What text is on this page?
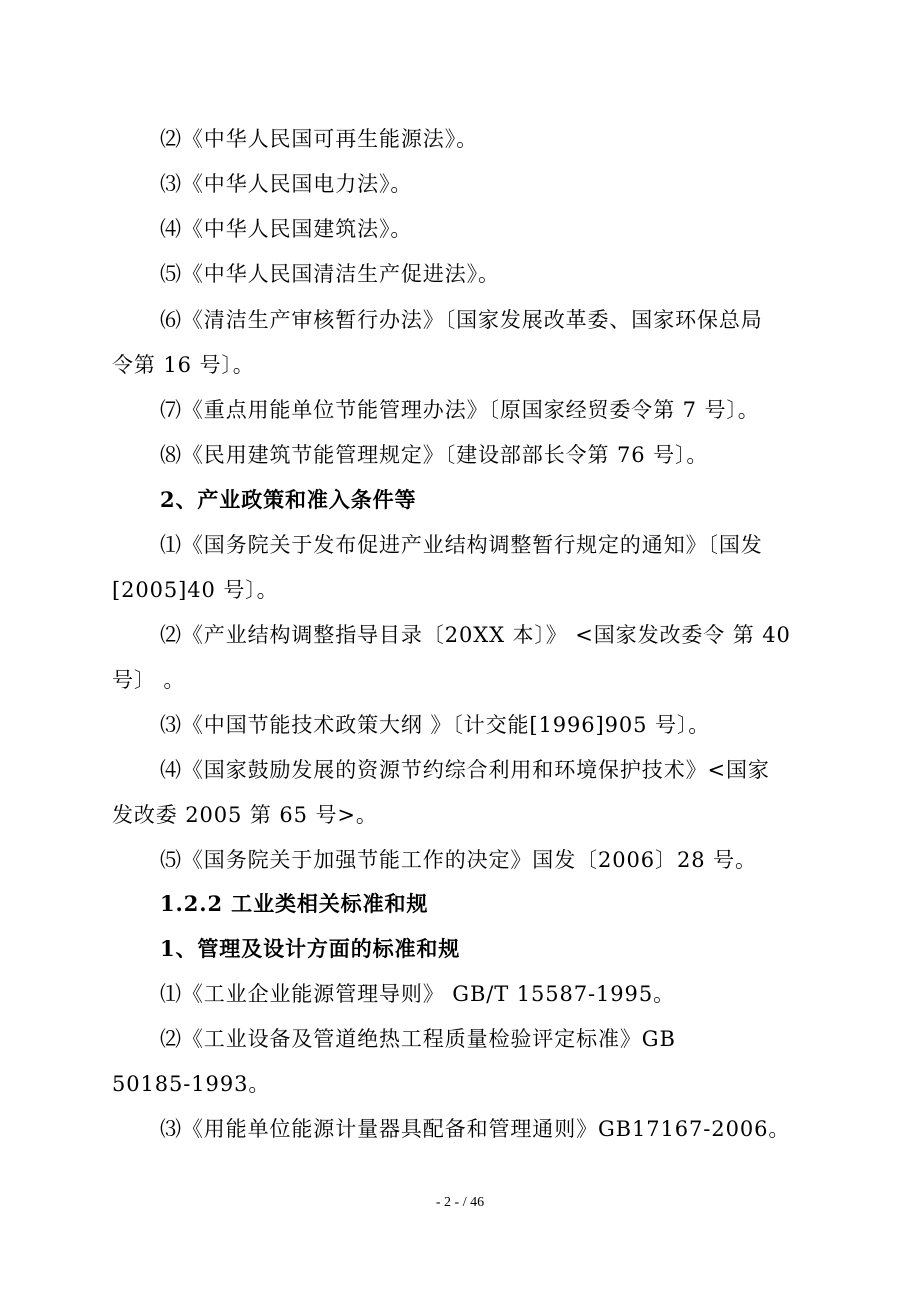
⑵《中华人民国可再生能源法》。
⑶《中华人民国电力法》。
⑷《中华人民国建筑法》。
⑸《中华人民国清洁生产促进法》。
⑹《清洁生产审核暂行办法》〔国家发展改革委、国家环保总局
令第 16 号〕。
⑺《重点用能单位节能管理办法》〔原国家经贸委令第 7 号〕。
⑻《民用建筑节能管理规定》〔建设部部长令第 76 号〕。
2、产业政策和准入条件等
⑴《国务院关于发布促进产业结构调整暂行规定的通知》〔国发
[2005]40 号〕。
⑵《产业结构调整指导目录〔20XX 本〕》 <国家发改委令 第 40
号〕 。
⑶《中国节能技术政策大纲 》〔计交能[1996]905 号〕。
⑷《国家鼓励发展的资源节约综合利用和环境保护技术》<国家
发改委 2005 第 65 号>。
⑸《国务院关于加强节能工作的决定》国发〔2006〕28 号。
1.2.2 工业类相关标准和规
1、管理及设计方面的标准和规
⑴《工业企业能源管理导则》 GB/T 15587-1995。
⑵《工业设备及管道绝热工程质量检验评定标准》GB
50185-1993。
⑶《用能单位能源计量器具配备和管理通则》GB17167-2006。
- 2 - / 46
